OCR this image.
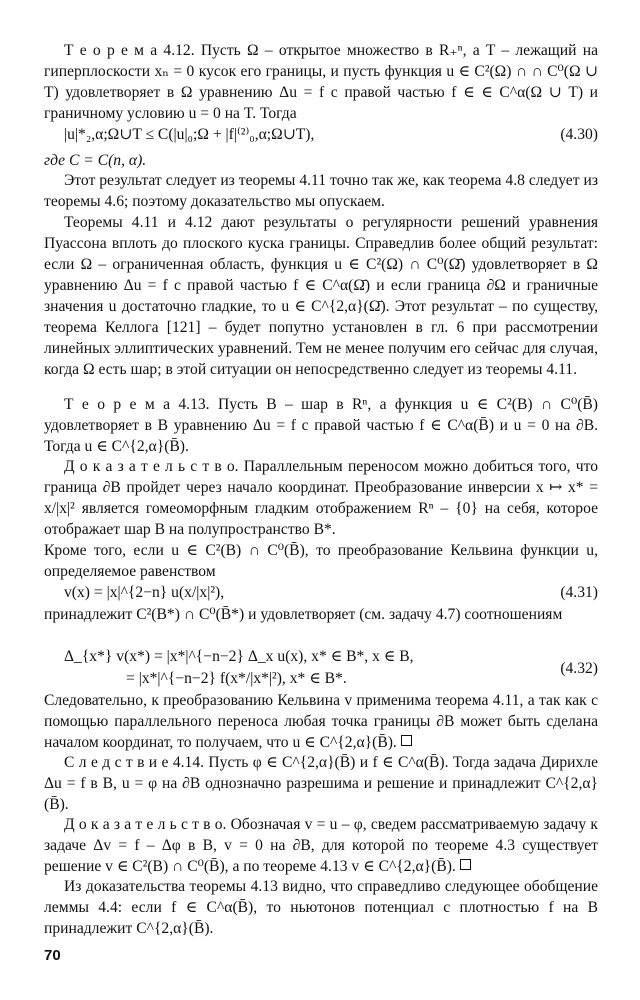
Т е о р е м а 4.12. Пусть Ω – открытое множество в R₊ⁿ, а T – лежащий на гиперплоскости xₙ = 0 кусок его границы, и пусть функция u ∈ C²(Ω) ∩ ∩ C⁰(Ω ∪ T) удовлетворяет в Ω уравнению Δu = f с правой частью f ∈ ∈ C^α(Ω ∪ T) и граничному условию u = 0 на T. Тогда
|u|*₂,α;Ω∪T ≤ C(|u|₀;Ω + |f|⁽²⁾₀,α;Ω∪T),	(4.30)
где C = C(n, α).
Этот результат следует из теоремы 4.11 точно так же, как теорема 4.8 следует из теоремы 4.6; поэтому доказательство мы опускаем.
Теоремы 4.11 и 4.12 дают результаты о регулярности решений уравнения Пуассона вплоть до плоского куска границы. Справедлив более общий результат: если Ω – ограниченная область, функция u ∈ C²(Ω) ∩ C⁰(Ω̄) удовлетворяет в Ω уравнению Δu = f с правой частью f ∈ C^α(Ω̄) и если граница ∂Ω и граничные значения u достаточно гладкие, то u ∈ C^{2,α}(Ω̄). Этот результат – по существу, теорема Келлога [121] – будет попутно установлен в гл. 6 при рассмотрении линейных эллиптических уравнений. Тем не менее получим его сейчас для случая, когда Ω есть шар; в этой ситуации он непосредственно следует из теоремы 4.11.
Т е о р е м а 4.13. Пусть B – шар в Rⁿ, а функция u ∈ C²(B) ∩ C⁰(B̄) удовлетворяет в B уравнению Δu = f с правой частью f ∈ C^α(B̄) и u = 0 на ∂B. Тогда u ∈ C^{2,α}(B̄).
Д о к а з а т е л ь с т в о. Параллельным переносом можно добиться того, что граница ∂B пройдет через начало координат. Преобразование инверсии x ↦ x* = x/|x|² является гомеоморфным гладким отображением Rⁿ – {0} на себя, которое отображает шар B на полупространство B*.
Кроме того, если u ∈ C²(B) ∩ C⁰(B̄), то преобразование Кельвина функции u, определяемое равенством
v(x) = |x|^{2−n} u(x/|x|²),	(4.31)
принадлежит C²(B*) ∩ C⁰(B̄*) и удовлетворяет (см. задачу 4.7) соотношениям
Δ_{x*} v(x*) = |x*|^{−n−2} Δ_x u(x), x* ∈ B*, x ∈ B,
= |x*|^{−n−2} f(x*/|x*|²), x* ∈ B*.
(4.32)
Следовательно, к преобразованию Кельвина v применима теорема 4.11, а так как с помощью параллельного переноса любая точка границы ∂B может быть сделана началом координат, то получаем, что u ∈ C^{2,α}(B̄).
С л е д с т в и е 4.14. Пусть φ ∈ C^{2,α}(B̄) и f ∈ C^α(B̄). Тогда задача Дирихле Δu = f в B, u = φ на ∂B однозначно разрешима и решение и принадлежит C^{2,α}(B̄).
Д о к а з а т е л ь с т в о. Обозначая v = u – φ, сведем рассматриваемую задачу к задаче Δv = f – Δφ в B, v = 0 на ∂B, для которой по теореме 4.3 существует решение v ∈ C²(B) ∩ C⁰(B̄), а по теореме 4.13 v ∈ C^{2,α}(B̄).
Из доказательства теоремы 4.13 видно, что справедливо следующее обобщение леммы 4.4: если f ∈ C^α(B̄), то ньютонов потенциал с плотностью f на B принадлежит C^{2,α}(B̄).
70
